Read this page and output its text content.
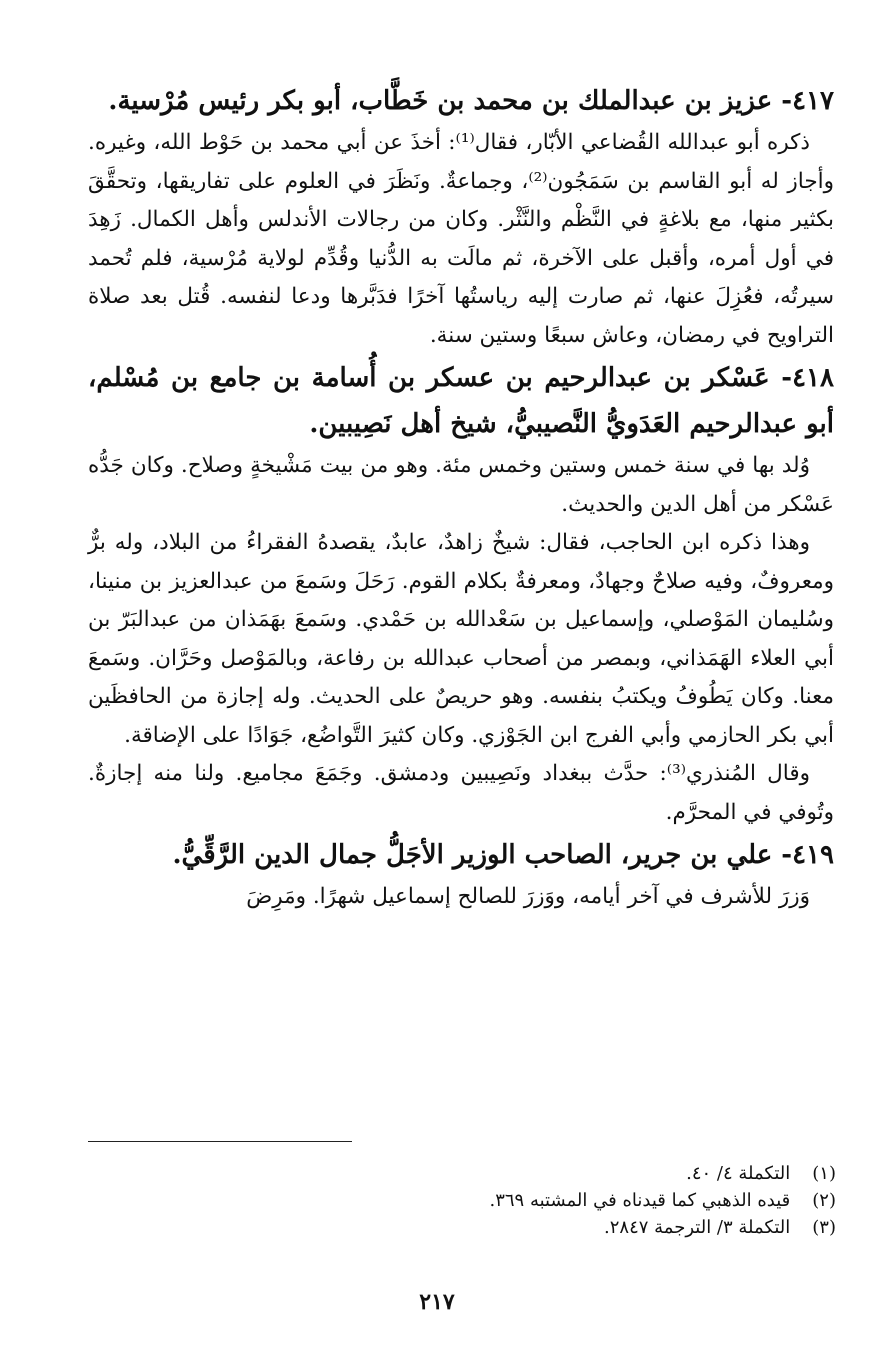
٤١٧- عزيز بن عبدالملك بن محمد بن خَطَّاب، أبو بكر رئيس مُرْسية.

ذكره أبو عبدالله القُضاعي الأبّار، فقال⁽¹⁾: أخذَ عن أبي محمد بن حَوْط الله، وغيره. وأجاز له أبو القاسم بن سَمَجُون⁽²⁾، وجماعةٌ. ونَظَرَ في العلوم على تفاريقها، وتحقَّقَ بكثير منها، مع بلاغةٍ في النَّظْم والنَّثْر. وكان من رجالات الأندلس وأهل الكمال. زَهِدَ في أول أمره، وأقبل على الآخرة، ثم مالَت به الدُّنيا وقُدِّم لولاية مُرْسية، فلم تُحمد سيرتُه، فعُزِلَ عنها، ثم صارت إليه رياستُها آخرًا فدَبَّرها ودعا لنفسه. قُتل بعد صلاة التراويح في رمضان، وعاش سبعًا وستين سنة.

٤١٨- عَسْكر بن عبدالرحيم بن عسكر بن أُسامة بن جامع بن مُسْلم، أبو عبدالرحيم العَدَويُّ النَّصيبيُّ، شيخ أهل نَصِيبين.

وُلد بها في سنة خمس وستين وخمس مئة. وهو من بيت مَشْيخةٍ وصلاح. وكان جَدُّه عَسْكر من أهل الدين والحديث.

وهذا ذكره ابن الحاجب، فقال: شيخٌ زاهدٌ، عابدٌ، يقصدهُ الفقراءُ من البلاد، وله برٌّ ومعروفٌ، وفيه صلاحٌ وجهادٌ، ومعرفةٌ بكلام القوم. رَحَلَ وسَمعَ من عبدالعزيز بن منينا، وسُليمان المَوْصلي، وإسماعيل بن سَعْدالله بن حَمْدي. وسَمعَ بهَمَذان من عبدالبَرّ بن أبي العلاء الهَمَذاني، وبمصر من أصحاب عبدالله بن رفاعة، وبالمَوْصل وحَرَّان. وسَمعَ معنا. وكان يَطُوفُ ويكتبُ بنفسه. وهو حريصٌ على الحديث. وله إجازة من الحافظَين أبي بكر الحازمي وأبي الفرج ابن الجَوْزي. وكان كثيرَ التَّواضُع، جَوَادًا على الإضاقة.

وقال المُنذري⁽³⁾: حدَّث ببغداد ونَصِيبين ودمشق. وجَمَعَ مجاميع. ولنا منه إجازةٌ. وتُوفي في المحرَّم.

٤١٩- علي بن جرير، الصاحب الوزير الأجَلُّ جمال الدين الرَّقِّيُّ.

وَزرَ للأشرف في آخر أيامه، ووَزرَ للصالح إسماعيل شهرًا. ومَرِضَ

(١) التكملة ٤/ ٤٠.
(٢) قيده الذهبي كما قيدناه في المشتبه ٣٦٩.
(٣) التكملة ٣/ الترجمة ٢٨٤٧.
٢١٧
